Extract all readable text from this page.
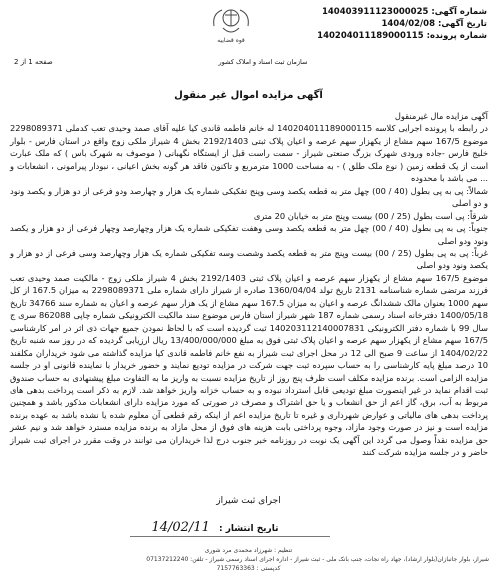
شماره آگهی: 140403911123000025
تاریخ آگهی: 1404/02/08
شماره پرونده: 140204011189000115
قوه قضاییه
سازمان ثبت اسناد و املاک کشور
صفحه 1 از 2
آگهی مزایده اموال غیر منقول

آگهی مزایده مال غیرمنقول

در رابطه با پرونده اجرایی کلاسه 140204011189000115 له خانم فاطمه قاندی کیا علیه آقای صمد وحیدی تعب کدملی 2298089371 موضوع 167/5 سهم مشاع از یکهزار سهم عرصه و اعیان پلاک ثبتی 2192/1403 بخش 4 شیراز ملکی زوج واقع در استان فارس - بلوار خلیج فارس -جاده ورودی شهرک بزرگ صنعتی شیراز - سمت راست قبل از ایستگاه نگهبانی ( موصوف به شهرک باس ) که ملک عبارت است از یک قطعه زمین ( نوع ملک طلق ) - به مساحت 1000 مترمربع و تاکنون فاقد هر گونه بخش اعیانی ، نبودار پیرامونی ، انشعابات و ... می باشد با محدوده

شمالاً: پی به پی بطول (40 / 00) چهل متر به قطعه یکصد وسی وپنج تفکیکی شماره یک هزار و چهارصد ودو فرعی از دو هزار و یکصد ونود و دو اصلی

شرقاً: پی است بطول (25 / 00) بیست وپنج متر به خیابان 20 متری

جنوباً: پی به پی بطول (40 / 00) چهل متر به قطعه یکصد وسی وهفت تفکیکی شماره یک هزار وچهارصد وچهار فرعی از دو هزار و یکصد ونود ودو اصلی

غرباً: پی به پی بطول (25 / 00) بیست وپنج متر به قطعه یکصد وشصت وسه تفکیکی شماره یک هزار وچهارصد وسی فرعی از دو هزار و یکصد ونود ودو اصلی

موضوع 167/5 سهم مشاع از یکهزار سهم عرصه و اعیان پلاک ثبتی 2192/1403 بخش 4 شیراز ملکی زوج - مالکیت صمد وحیدی تعب فرزند مرتضی شماره شناسنامه 2131 تاریخ تولد 1360/04/04 صادره از شیراز دارای شماره ملی 2298089371 به میزان 167.5 از کل سهم 1000 بعنوان مالک ششدانگ عرصه و اعیان به میزان 167.5 سهم مشاع از یک هزار سهم عرصه و اعیان به شماره سند 34766 تاریخ 1400/05/18 دفترخانه اسناد رسمی شماره 187 شهر شیراز استان فارس موضوع سند مالکیت الکترونیکی شماره چاپی 862088 سری ج سال 99 با شماره دفتر الکترونیکی 140203112140007831 ثبت گردیده است که با لحاظ نمودن جمیع جهات ذی اثر در امر کارشناسی 167/5 سهم مشاع از یکهزار سهم عرصه و اعیان پلاک ثبتی فوق به مبلغ 13/400/000/000 ریال ارزیابی گردیده که در روز سه شنبه تاریخ 1404/02/22 از ساعت 9 صبح الی 12 در محل اجرای ثبت شیراز به نفع خانم فاطمه قاندی کیا مزایده گذاشته می شود خریداران مکلفند 10 درصد مبلغ پایه کارشناسی را به حساب سپرده ثبت جهت شرکت در مزایده تودیع نمایند و حضور خریدار با نماینده قانونی او در جلسه مزایده الزامی است. برنده مزایده مکلف است ظرف پنج روز از تاریخ مزایده نسبت به واریز ما به التفاوت مبلغ پیشنهادی به حساب صندوق ثبت اقدام نماید در غیر اینصورت مبلغ تودیعی قابل استرداد نبوده و به حساب خزانه واریز خواهد شد. لازم به ذکر است پرداخت بدهی های مربوط به آب، برق، گاز اعم از حق انشعاب و یا حق اشتراک و مصرف در صورتی که مورد مزایده دارای انشعابات مذکور باشد و همچنین پرداخت بدهی های مالیاتی و عوارض شهرداری و غیره تا تاریخ مزایده اعم از اینکه رقم قطعی آن معلوم شده یا نشده باشد به عهده برنده مزایده است و نیز در صورت وجود مازاد، وجوه پرداختی بابت هزینه های فوق از محل مازاد به برنده مزایده مسترد خواهد شد و نیم عشر حق مزایده نقداً وصول می گردد این آگهی یک نوبت در روزنامه خبر جنوب درج لذا خریداران می توانند در وقت مقرر در اجرای ثبت شیراز حاضر و در جلسه مزایده شرکت کنند

اجرای ثبت شیراز
تاریخ انتشار : 14/02/11
تنظیم : شهرزاد محمدی مرد شوری
شیراز، بلوار جانبازان(بلوار ارشاد)، جهاد راه نجات، جنب بانک ملی - ثبت شیراز - اداره اجرای اسناد رسمی شیراز - تلفن: 07137212240
کدپستی : 7157763363
